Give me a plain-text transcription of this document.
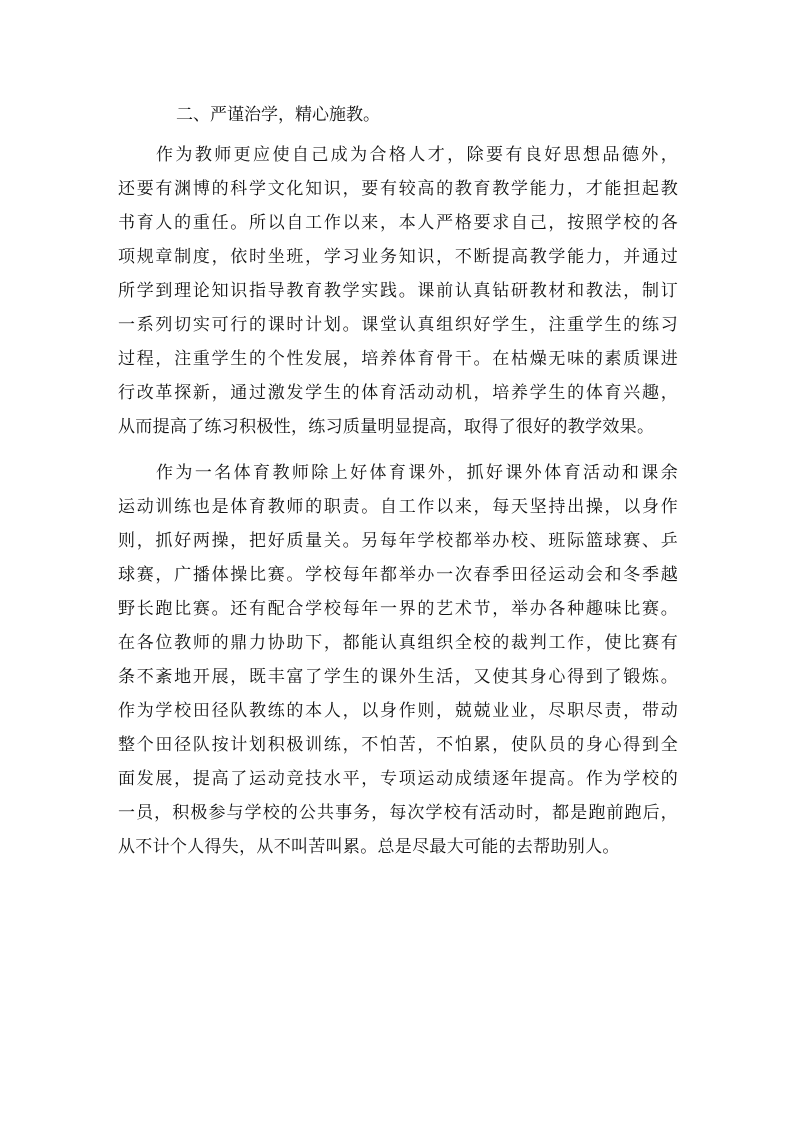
二、严谨治学，精心施教。
作为教师更应使自己成为合格人才，除要有良好思想品德外，
还要有渊博的科学文化知识，要有较高的教育教学能力，才能担起教
书育人的重任。所以自工作以来，本人严格要求自己，按照学校的各
项规章制度，依时坐班，学习业务知识，不断提高教学能力，并通过
所学到理论知识指导教育教学实践。课前认真钻研教材和教法，制订
一系列切实可行的课时计划。课堂认真组织好学生，注重学生的练习
过程，注重学生的个性发展，培养体育骨干。在枯燥无味的素质课进
行改革探新，通过激发学生的体育活动动机，培养学生的体育兴趣，
从而提高了练习积极性，练习质量明显提高，取得了很好的教学效果。
作为一名体育教师除上好体育课外，抓好课外体育活动和课余
运动训练也是体育教师的职责。自工作以来，每天坚持出操，以身作
则，抓好两操，把好质量关。另每年学校都举办校、班际篮球赛、乒
球赛，广播体操比赛。学校每年都举办一次春季田径运动会和冬季越
野长跑比赛。还有配合学校每年一界的艺术节，举办各种趣味比赛。
在各位教师的鼎力协助下，都能认真组织全校的裁判工作，使比赛有
条不紊地开展，既丰富了学生的课外生活，又使其身心得到了锻炼。
作为学校田径队教练的本人，以身作则，兢兢业业，尽职尽责，带动
整个田径队按计划积极训练，不怕苦，不怕累，使队员的身心得到全
面发展，提高了运动竞技水平，专项运动成绩逐年提高。作为学校的
一员，积极参与学校的公共事务，每次学校有活动时，都是跑前跑后，
从不计个人得失，从不叫苦叫累。总是尽最大可能的去帮助别人。
